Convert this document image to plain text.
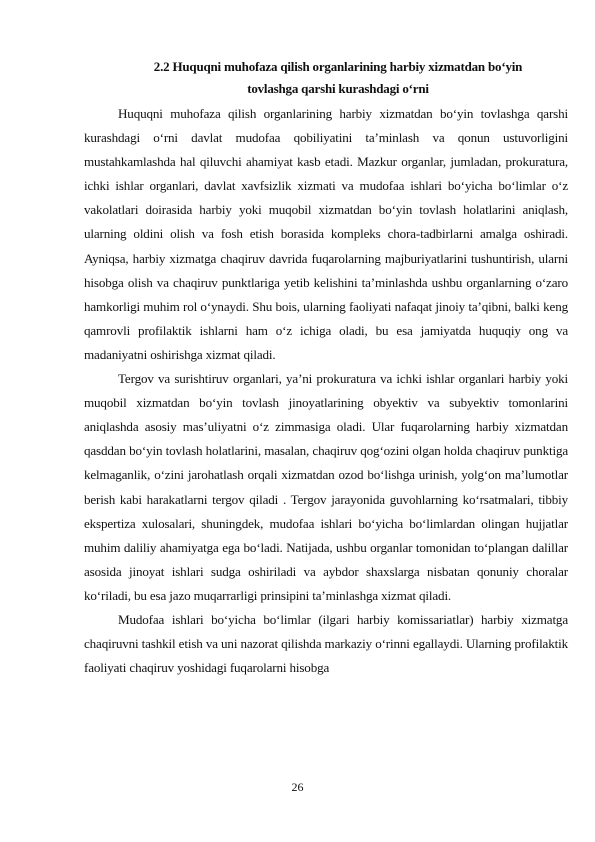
2.2 Huquqni muhofaza qilish organlarining harbiy xizmatdan bo‘yin
tovlashga qarshi kurashdagi o‘rni

Huquqni muhofaza qilish organlarining harbiy xizmatdan bo‘yin tovlashga qarshi kurashdagi o‘rni davlat mudofaa qobiliyatini ta’minlash va qonun ustuvorligini mustahkamlashda hal qiluvchi ahamiyat kasb etadi. Mazkur organlar, jumladan, prokuratura, ichki ishlar organlari, davlat xavfsizlik xizmati va mudofaa ishlari bo‘yicha bo‘limlar o‘z vakolatlari doirasida harbiy yoki muqobil xizmatdan bo‘yin tovlash holatlarini aniqlash, ularning oldini olish va fosh etish borasida kompleks chora-tadbirlarni amalga oshiradi. Ayniqsa, harbiy xizmatga chaqiruv davrida fuqarolarning majburiyatlarini tushuntirish, ularni hisobga olish va chaqiruv punktlariga yetib kelishini ta’minlashda ushbu organlarning o‘zaro hamkorligi muhim rol o‘ynaydi. Shu bois, ularning faoliyati nafaqat jinoiy ta’qibni, balki keng qamrovli profilaktik ishlarni ham o‘z ichiga oladi, bu esa jamiyatda huquqiy ong va madaniyatni oshirishga xizmat qiladi.

Tergov va surishtiruv organlari, ya’ni prokuratura va ichki ishlar organlari harbiy yoki muqobil xizmatdan bo‘yin tovlash jinoyatlarining obyektiv va subyektiv tomonlarini aniqlashda asosiy mas’uliyatni o‘z zimmasiga oladi. Ular fuqarolarning harbiy xizmatdan qasddan bo‘yin tovlash holatlarini, masalan, chaqiruv qog‘ozini olgan holda chaqiruv punktiga kelmaganlik, o‘zini jarohatlash orqali xizmatdan ozod bo‘lishga urinish, yolg‘on ma’lumotlar berish kabi harakatlarni tergov qiladi . Tergov jarayonida guvohlarning ko‘rsatmalari, tibbiy ekspertiza xulosalari, shuningdek, mudofaa ishlari bo‘yicha bo‘limlardan olingan hujjatlar muhim daliliy ahamiyatga ega bo‘ladi. Natijada, ushbu organlar tomonidan to‘plangan dalillar asosida jinoyat ishlari sudga oshiriladi va aybdor shaxslarga nisbatan qonuniy choralar ko‘riladi, bu esa jazo muqarrarligi prinsipini ta’minlashga xizmat qiladi.

Mudofaa ishlari bo‘yicha bo‘limlar (ilgari harbiy komissariatlar) harbiy xizmatga chaqiruvni tashkil etish va uni nazorat qilishda markaziy o‘rinni egallaydi. Ularning profilaktik faoliyati chaqiruv yoshidagi fuqarolarni hisobga

26
